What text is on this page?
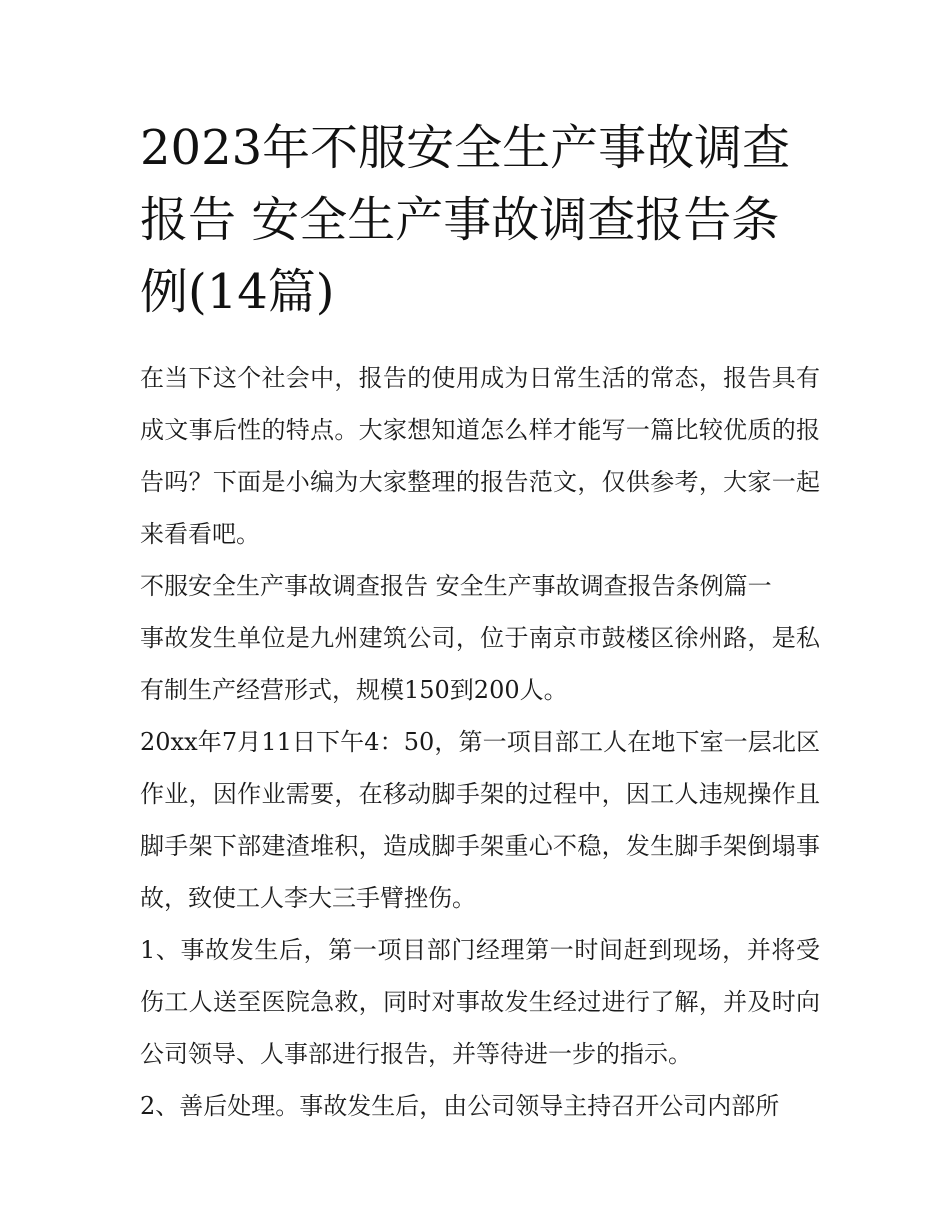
2023年不服安全生产事故调查报告 安全生产事故调查报告条例(14篇)

在当下这个社会中，报告的使用成为日常生活的常态，报告具有成文事后性的特点。大家想知道怎么样才能写一篇比较优质的报告吗？下面是小编为大家整理的报告范文，仅供参考，大家一起来看看吧。

不服安全生产事故调查报告 安全生产事故调查报告条例篇一

事故发生单位是九州建筑公司，位于南京市鼓楼区徐州路，是私有制生产经营形式，规模150到200人。

20xx年7月11日下午4：50，第一项目部工人在地下室一层北区作业，因作业需要，在移动脚手架的过程中，因工人违规操作且脚手架下部建渣堆积，造成脚手架重心不稳，发生脚手架倒塌事故，致使工人李大三手臂挫伤。

1、事故发生后，第一项目部门经理第一时间赶到现场，并将受伤工人送至医院急救，同时对事故发生经过进行了解，并及时向公司领导、人事部进行报告，并等待进一步的指示。

2、善后处理。事故发生后，由公司领导主持召开公司内部所
